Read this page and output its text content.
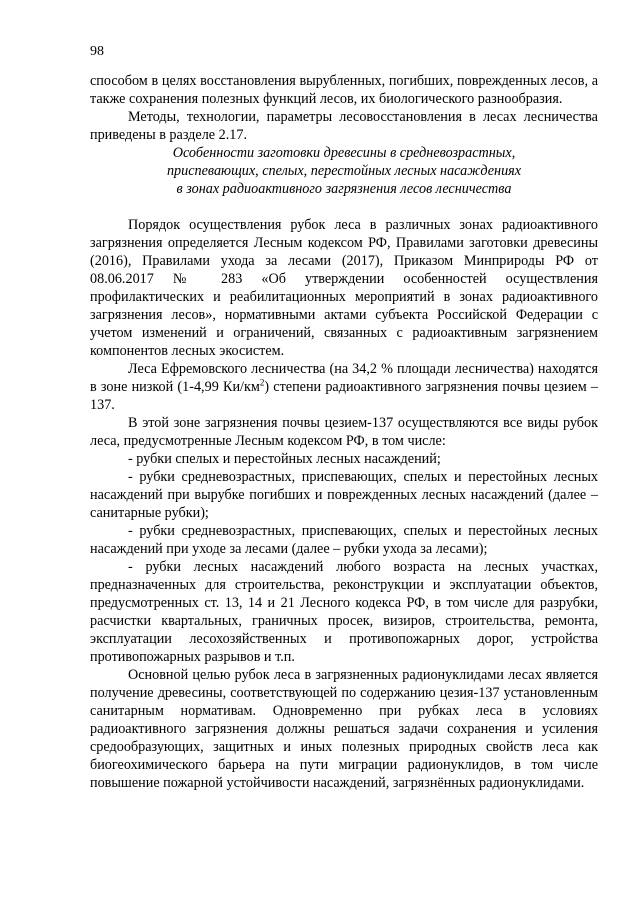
98

способом в целях восстановления вырубленных, погибших, поврежденных лесов, а также сохранения полезных функций лесов, их биологического разнообразия.

Методы, технологии, параметры лесовосстановления в лесах лесничества приведены в разделе 2.17.

Особенности заготовки древесины в средневозрастных,

приспевающих, спелых, перестойных лесных насаждениях

в зонах радиоактивного загрязнения лесов лесничества

Порядок осуществления рубок леса в различных зонах радиоактивного загрязнения определяется Лесным кодексом РФ, Правилами заготовки древесины (2016), Правилами ухода за лесами (2017), Приказом Минприроды РФ от 08.06.2017 № 283 «Об утверждении особенностей осуществления профилактических и реабилитационных мероприятий в зонах радиоактивного загрязнения лесов», нормативными актами субъекта Российской Федерации с учетом изменений и ограничений, связанных с радиоактивным загрязнением компонентов лесных экосистем.

Леса Ефремовского лесничества (на 34,2 % площади лесничества) находятся в зоне низкой (1-4,99 $Ки/км^2$) степени радиоактивного загрязнения почвы цезием – 137.

В этой зоне загрязнения почвы цезием-137 осуществляются все виды рубок леса, предусмотренные Лесным кодексом РФ, в том числе:

- рубки спелых и перестойных лесных насаждений;

- рубки средневозрастных, приспевающих, спелых и перестойных лесных насаждений при вырубке погибших и поврежденных лесных насаждений (далее – санитарные рубки);

- рубки средневозрастных, приспевающих, спелых и перестойных лесных насаждений при уходе за лесами (далее – рубки ухода за лесами);

- рубки лесных насаждений любого возраста на лесных участках, предназначенных для строительства, реконструкции и эксплуатации объектов, предусмотренных ст. 13, 14 и 21 Лесного кодекса РФ, в том числе для разрубки, расчистки квартальных, граничных просек, визиров, строительства, ремонта, эксплуатации лесохозяйственных и противопожарных дорог, устройства противопожарных разрывов и т.п.

Основной целью рубок леса в загрязненных радионуклидами лесах является получение древесины, соответствующей по содержанию цезия-137 установленным санитарным нормативам. Одновременно при рубках леса в условиях радиоактивного загрязнения должны решаться задачи сохранения и усиления средообразующих, защитных и иных полезных природных свойств леса как биогеохимического барьера на пути миграции радионуклидов, в том числе повышение пожарной устойчивости насаждений, загрязнённых радионуклидами.
